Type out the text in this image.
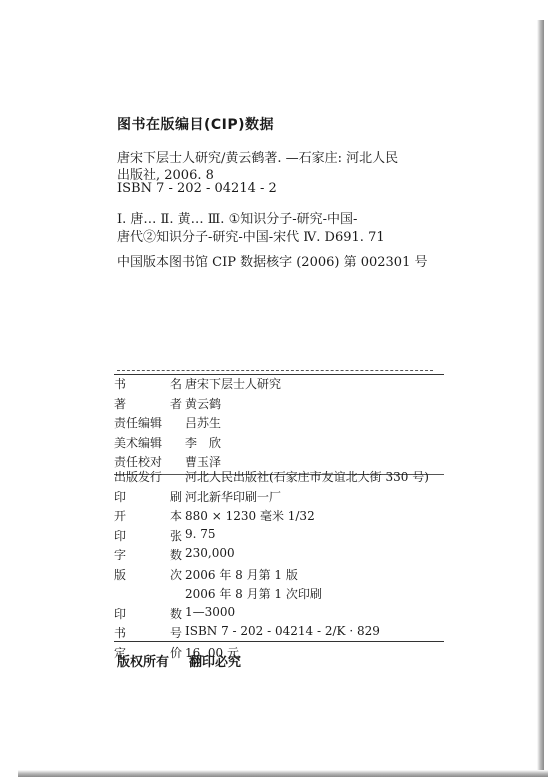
图书在版编目(CIP)数据
唐宋下层士人研究/黄云鹤著. —石家庄: 河北人民
出版社, 2006. 8
ISBN 7 - 202 - 04214 - 2
Ⅰ. 唐… Ⅱ. 黄… Ⅲ. ①知识分子-研究-中国-
唐代②知识分子-研究-中国-宋代 Ⅳ. D691. 71
中国版本图书馆 CIP 数据核字 (2006) 第 002301 号
书	名 唐宋下层士人研究
著	者 黄云鹤
责任编辑 吕苏生
美术编辑 李　欣
责任校对 曹玉泽
出版发行 河北人民出版社(石家庄市友谊北大街 330 号)
印	刷 河北新华印刷一厂
开	本 880 × 1230 毫米 1/32
印	张 9. 75
字	数 230,000
版	次 2006 年 8 月第 1 版
2006 年 8 月第 1 次印刷
印	数 1—3000
书	号 ISBN 7 - 202 - 04214 - 2/K · 829
定	价 16. 00 元
版权所有 翻印必究
